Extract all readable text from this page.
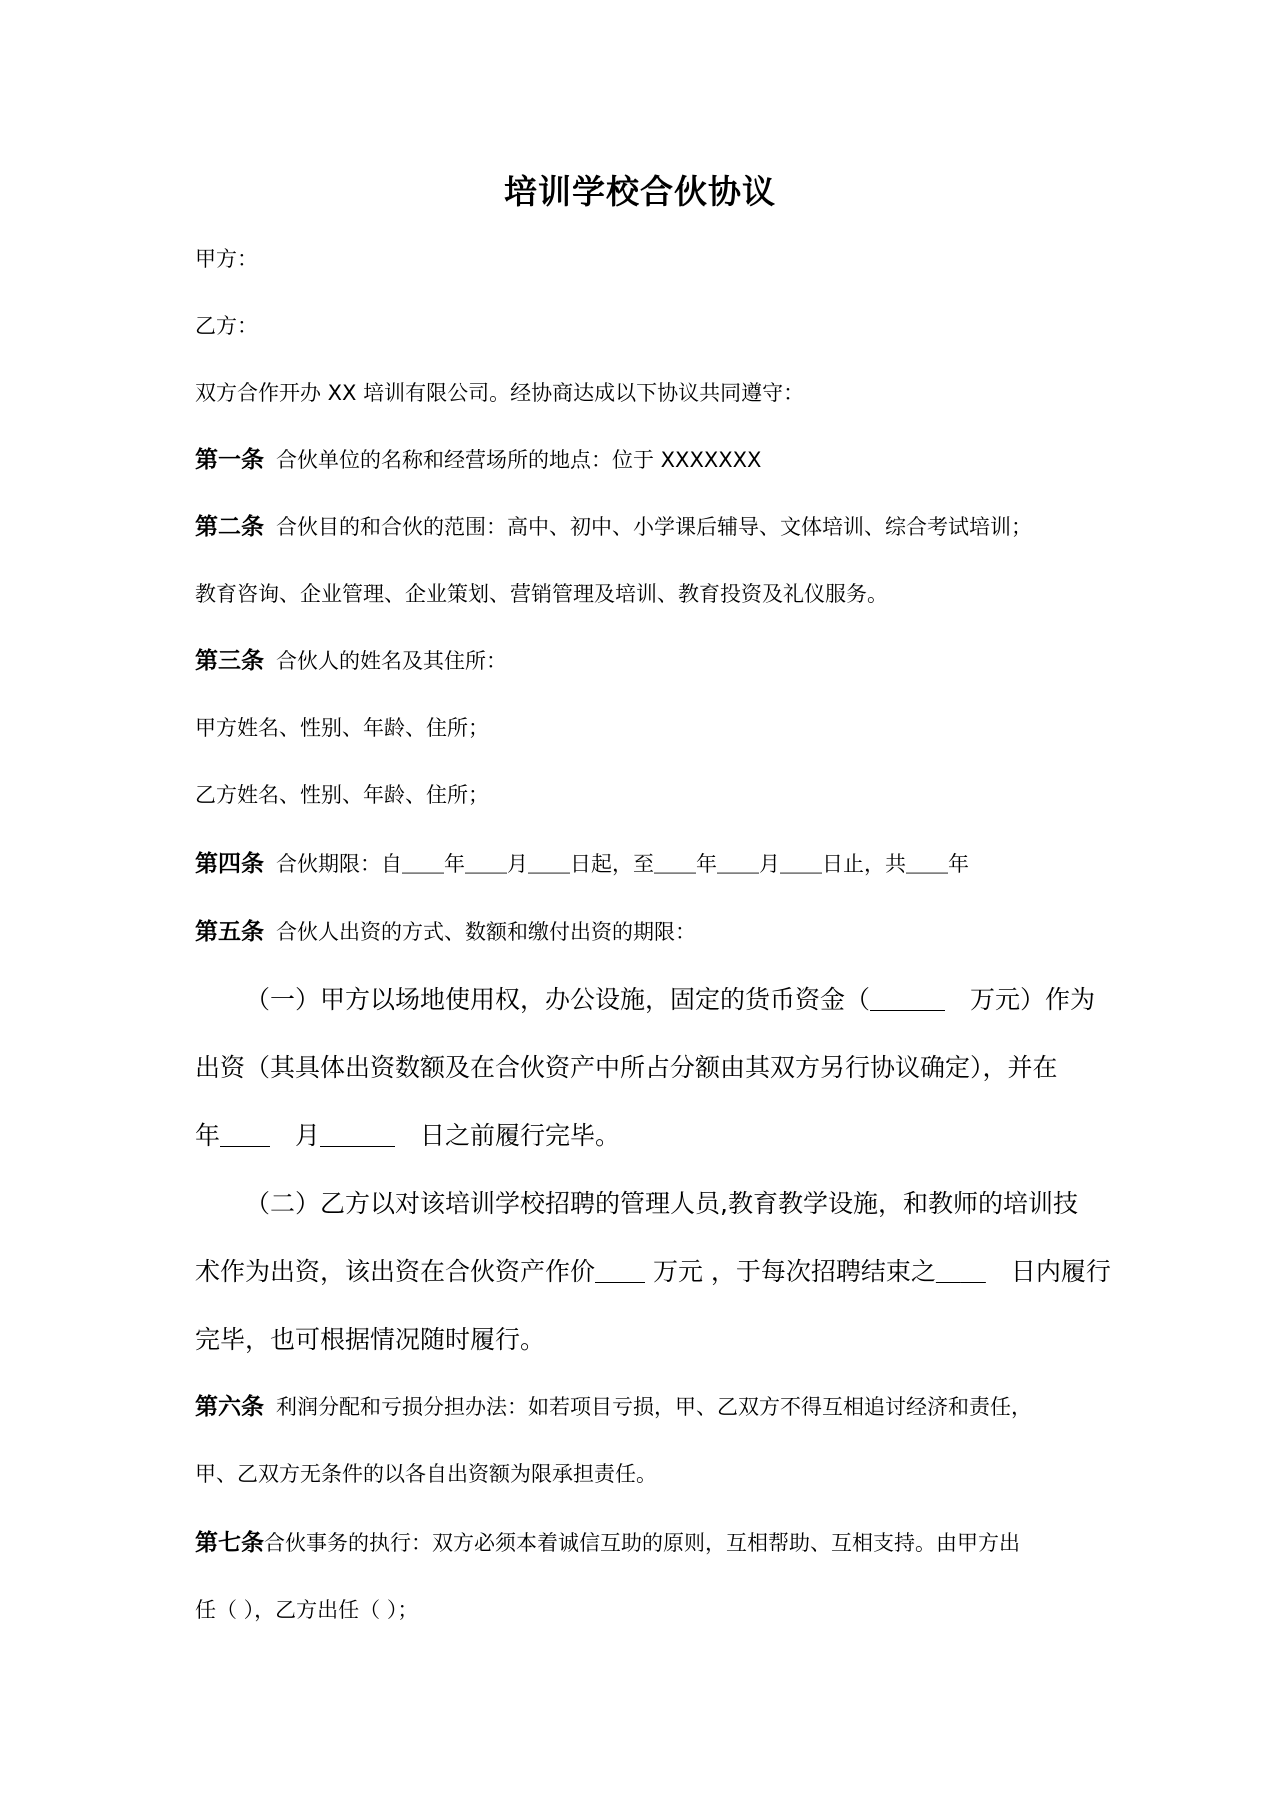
培训学校合伙协议

甲方：

乙方：

双方合作开办 XX 培训有限公司。经协商达成以下协议共同遵守：

第一条 合伙单位的名称和经营场所的地点：位于 XXXXXXX

第二条 合伙目的和合伙的范围：高中、初中、小学课后辅导、文体培训、综合考试培训；

教育咨询、企业管理、企业策划、营销管理及培训、教育投资及礼仪服务。

第三条 合伙人的姓名及其住所：

甲方姓名、性别、年龄、住所；

乙方姓名、性别、年龄、住所；

第四条 合伙期限：自＿＿年＿＿月＿＿日起，至＿＿年＿＿月＿＿日止，共＿＿年

第五条 合伙人出资的方式、数额和缴付出资的期限：

（一）甲方以场地使用权，办公设施，固定的货币资金（＿＿＿　万元）作为

出资（其具体出资数额及在合伙资产中所占分额由其双方另行协议确定），并在

年＿＿　月＿＿＿　日之前履行完毕。

（二）乙方以对该培训学校招聘的管理人员,教育教学设施，和教师的培训技

术作为出资，该出资在合伙资产作价＿＿ 万元 ，于每次招聘结束之＿＿　日内履行

完毕，也可根据情况随时履行。

第六条 利润分配和亏损分担办法：如若项目亏损，甲、乙双方不得互相追讨经济和责任，

甲、乙双方无条件的以各自出资额为限承担责任。

第七条合伙事务的执行：双方必须本着诚信互助的原则，互相帮助、互相支持。由甲方出

任（ ），乙方出任（ ）；
